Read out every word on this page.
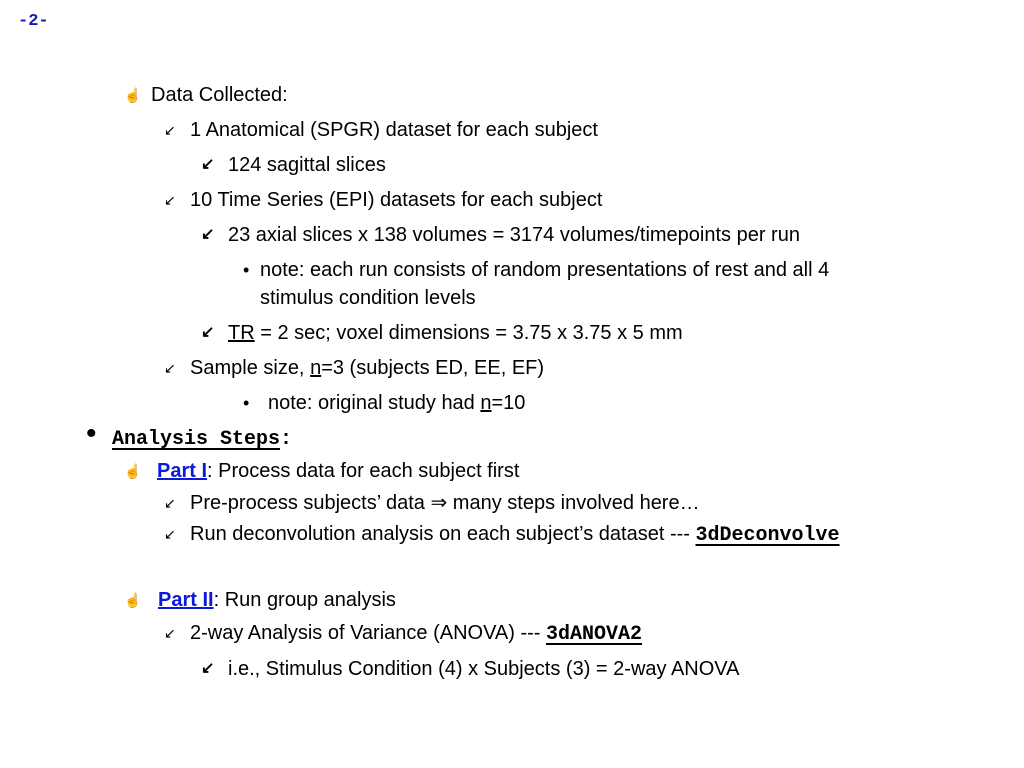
-2-
☝ Data Collected:
↙ 1 Anatomical (SPGR) dataset for each subject
↙ 124 sagittal slices
↙ 10 Time Series (EPI) datasets for each subject
↙ 23 axial slices x 138 volumes = 3174 volumes/timepoints per run
• note: each run consists of random presentations of rest and all 4
stimulus condition levels
↙ TR = 2 sec; voxel dimensions = 3.75 x 3.75 x 5 mm
↙ Sample size, n=3 (subjects ED, EE, EF)
• note: original study had n=10
• Analysis Steps:
☝ Part I: Process data for each subject first
↙ Pre-process subjects’ data ⇒ many steps involved here…
↙ Run deconvolution analysis on each subject’s dataset --- 3dDeconvolve
☝ Part II: Run group analysis
↙ 2-way Analysis of Variance (ANOVA) --- 3dANOVA2
↙ i.e., Stimulus Condition (4) x Subjects (3) = 2-way ANOVA
